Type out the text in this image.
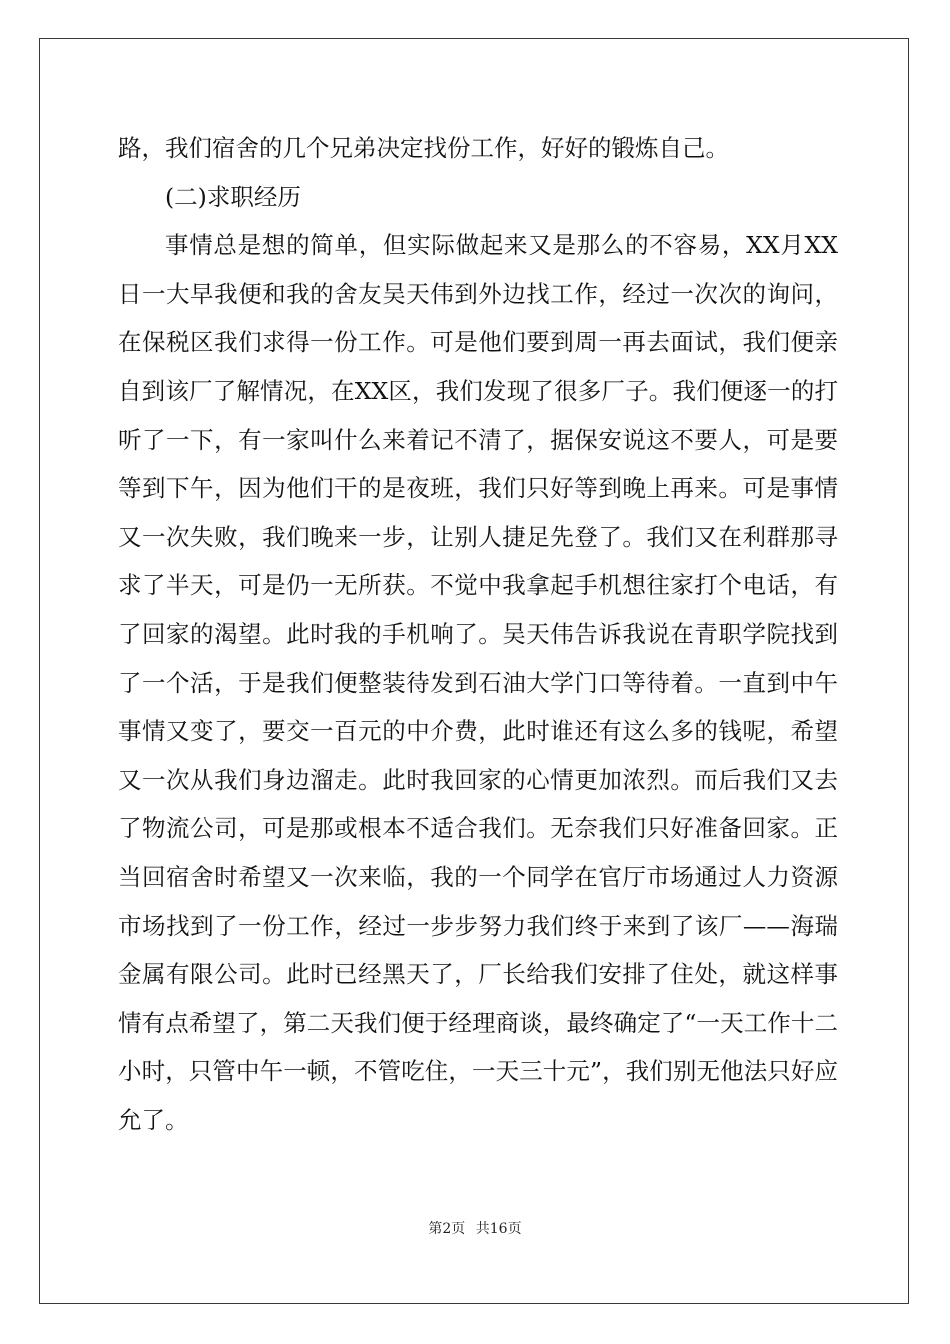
路，我们宿舍的几个兄弟决定找份工作，好好的锻炼自己。

(二)求职经历

事情总是想的简单，但实际做起来又是那么的不容易，XX月XX日一大早我便和我的舍友吴天伟到外边找工作，经过一次次的询问，在保税区我们求得一份工作。可是他们要到周一再去面试，我们便亲自到该厂了解情况，在XX区，我们发现了很多厂子。我们便逐一的打听了一下，有一家叫什么来着记不清了，据保安说这不要人，可是要等到下午，因为他们干的是夜班，我们只好等到晚上再来。可是事情又一次失败，我们晚来一步，让别人捷足先登了。我们又在利群那寻求了半天，可是仍一无所获。不觉中我拿起手机想往家打个电话，有了回家的渴望。此时我的手机响了。吴天伟告诉我说在青职学院找到了一个活，于是我们便整装待发到石油大学门口等待着。一直到中午事情又变了，要交一百元的中介费，此时谁还有这么多的钱呢，希望又一次从我们身边溜走。此时我回家的心情更加浓烈。而后我们又去了物流公司，可是那或根本不适合我们。无奈我们只好准备回家。正当回宿舍时希望又一次来临，我的一个同学在官厅市场通过人力资源市场找到了一份工作，经过一步步努力我们终于来到了该厂——海瑞金属有限公司。此时已经黑天了，厂长给我们安排了住处，就这样事情有点希望了，第二天我们便于经理商谈，最终确定了“一天工作十二小时，只管中午一顿，不管吃住，一天三十元”，我们别无他法只好应允了。

第2页 共16页
